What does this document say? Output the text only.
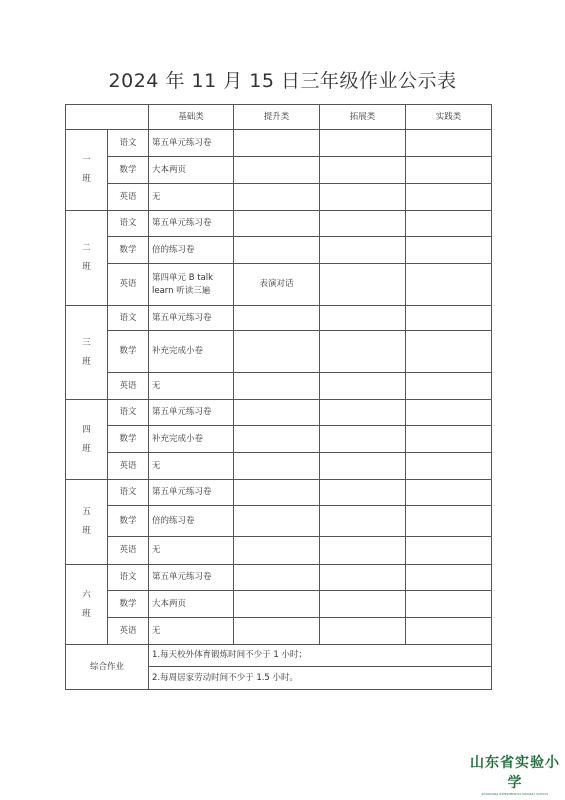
2024 年 11 月 15 日三年级作业公示表
		基础类	提升类	拓展类	实践类

一
班	语文	第五单元练习卷			
	数学	大本两页			
	英语	无			

二
班	语文	第五单元练习卷			
	数学	倍的练习卷			
	英语	第四单元 B talk
learn 听读三遍	表演对话		

三
班	语文	第五单元练习卷			
	数学	补充完成小卷			
	英语	无			

四
班	语文	第五单元练习卷			
	数学	补充完成小卷			
	英语	无			

五
班	语文	第五单元练习卷			
	数学	倍的练习卷			
	英语	无			

六
班	语文	第五单元练习卷			
	数学	大本两页			
	英语	无			
综合作业		1.每天校外体育锻炼时间不少于 1 小时；			
		2.每周居家劳动时间不少于 1.5 小时。			
山东省实验小学
SHANDONG EXPERIMENTAL PRIMARY SCHOOL
